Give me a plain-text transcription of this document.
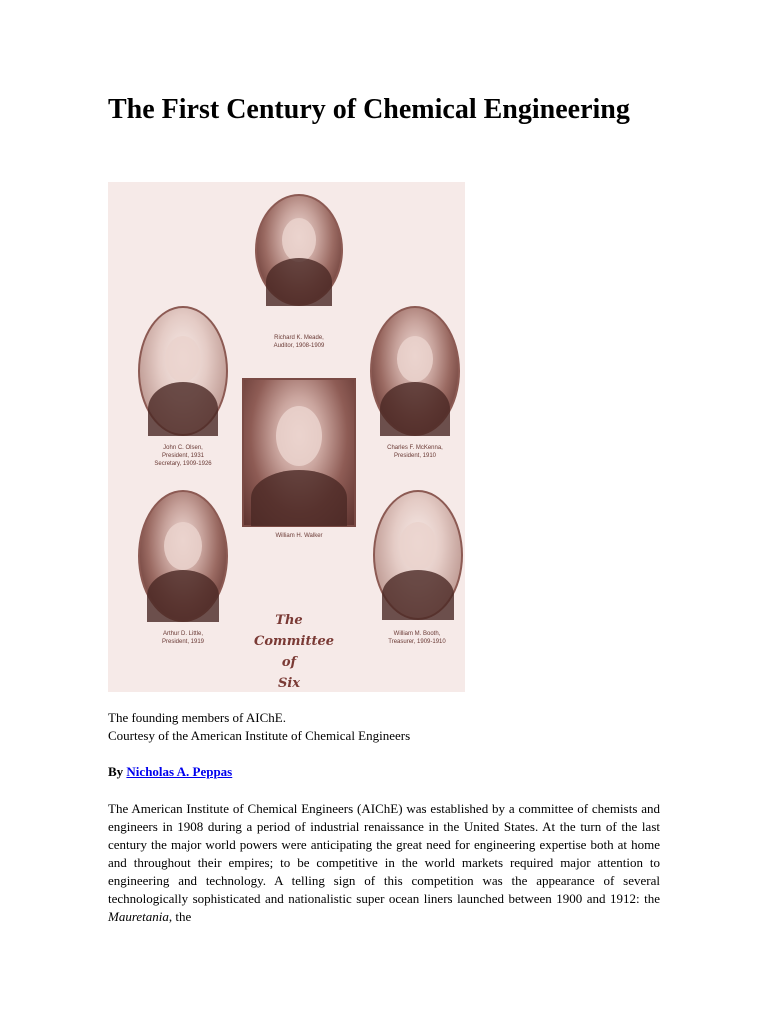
The First Century of Chemical Engineering
Richard K. Meade,
Auditor, 1908-1909
John C. Olsen,
President, 1931
Secretary, 1909-1926
Charles F. McKenna,
President, 1910
William H. Walker
Arthur D. Little,
President, 1919
William M. Booth,
Treasurer, 1909-1910
The
Committee
of
Six
The founding members of AIChE.
Courtesy of the American Institute of Chemical Engineers
By Nicholas A. Peppas
The American Institute of Chemical Engineers (AIChE) was established by a committee of chemists and engineers in 1908 during a period of industrial renaissance in the United States. At the turn of the last century the major world powers were anticipating the great need for engineering expertise both at home and throughout their empires; to be competitive in the world markets required major attention to engineering and technology. A telling sign of this competition was the appearance of several technologically sophisticated and nationalistic super ocean liners launched between 1900 and 1912: the Mauretania, the
